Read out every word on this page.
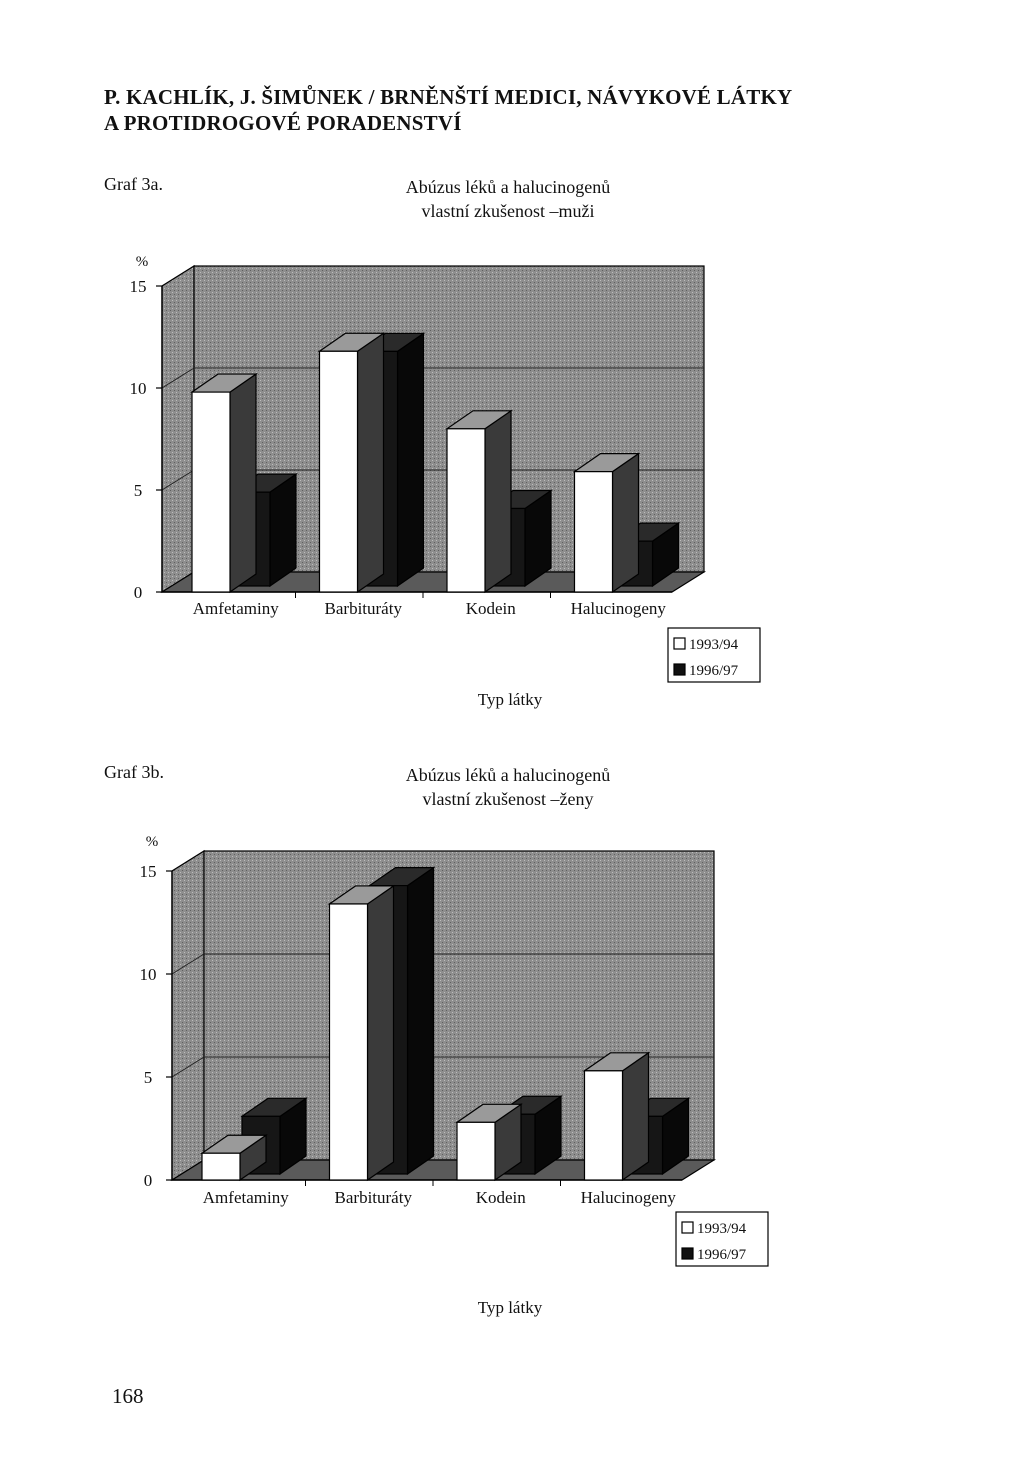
P. KACHLÍK, J. ŠIMŮNEK / BRNĚNŠTÍ MEDICI, NÁVYKOVÉ LÁTKY
A PROTIDROGOVÉ PORADENSTVÍ
Graf 3a.	Abúzus léků a halucinogenů
vlastní zkušenost –muži
0
5
10
15
%
Amfetaminy	Barbituráty	Kodein	Halucinogeny
1993/94
1996/97
Typ látky
Graf 3b.	Abúzus léků a halucinogenů
vlastní zkušenost –ženy
0
5
10
15
%
Amfetaminy	Barbituráty	Kodein	Halucinogeny
1993/94
1996/97
Typ látky
168
